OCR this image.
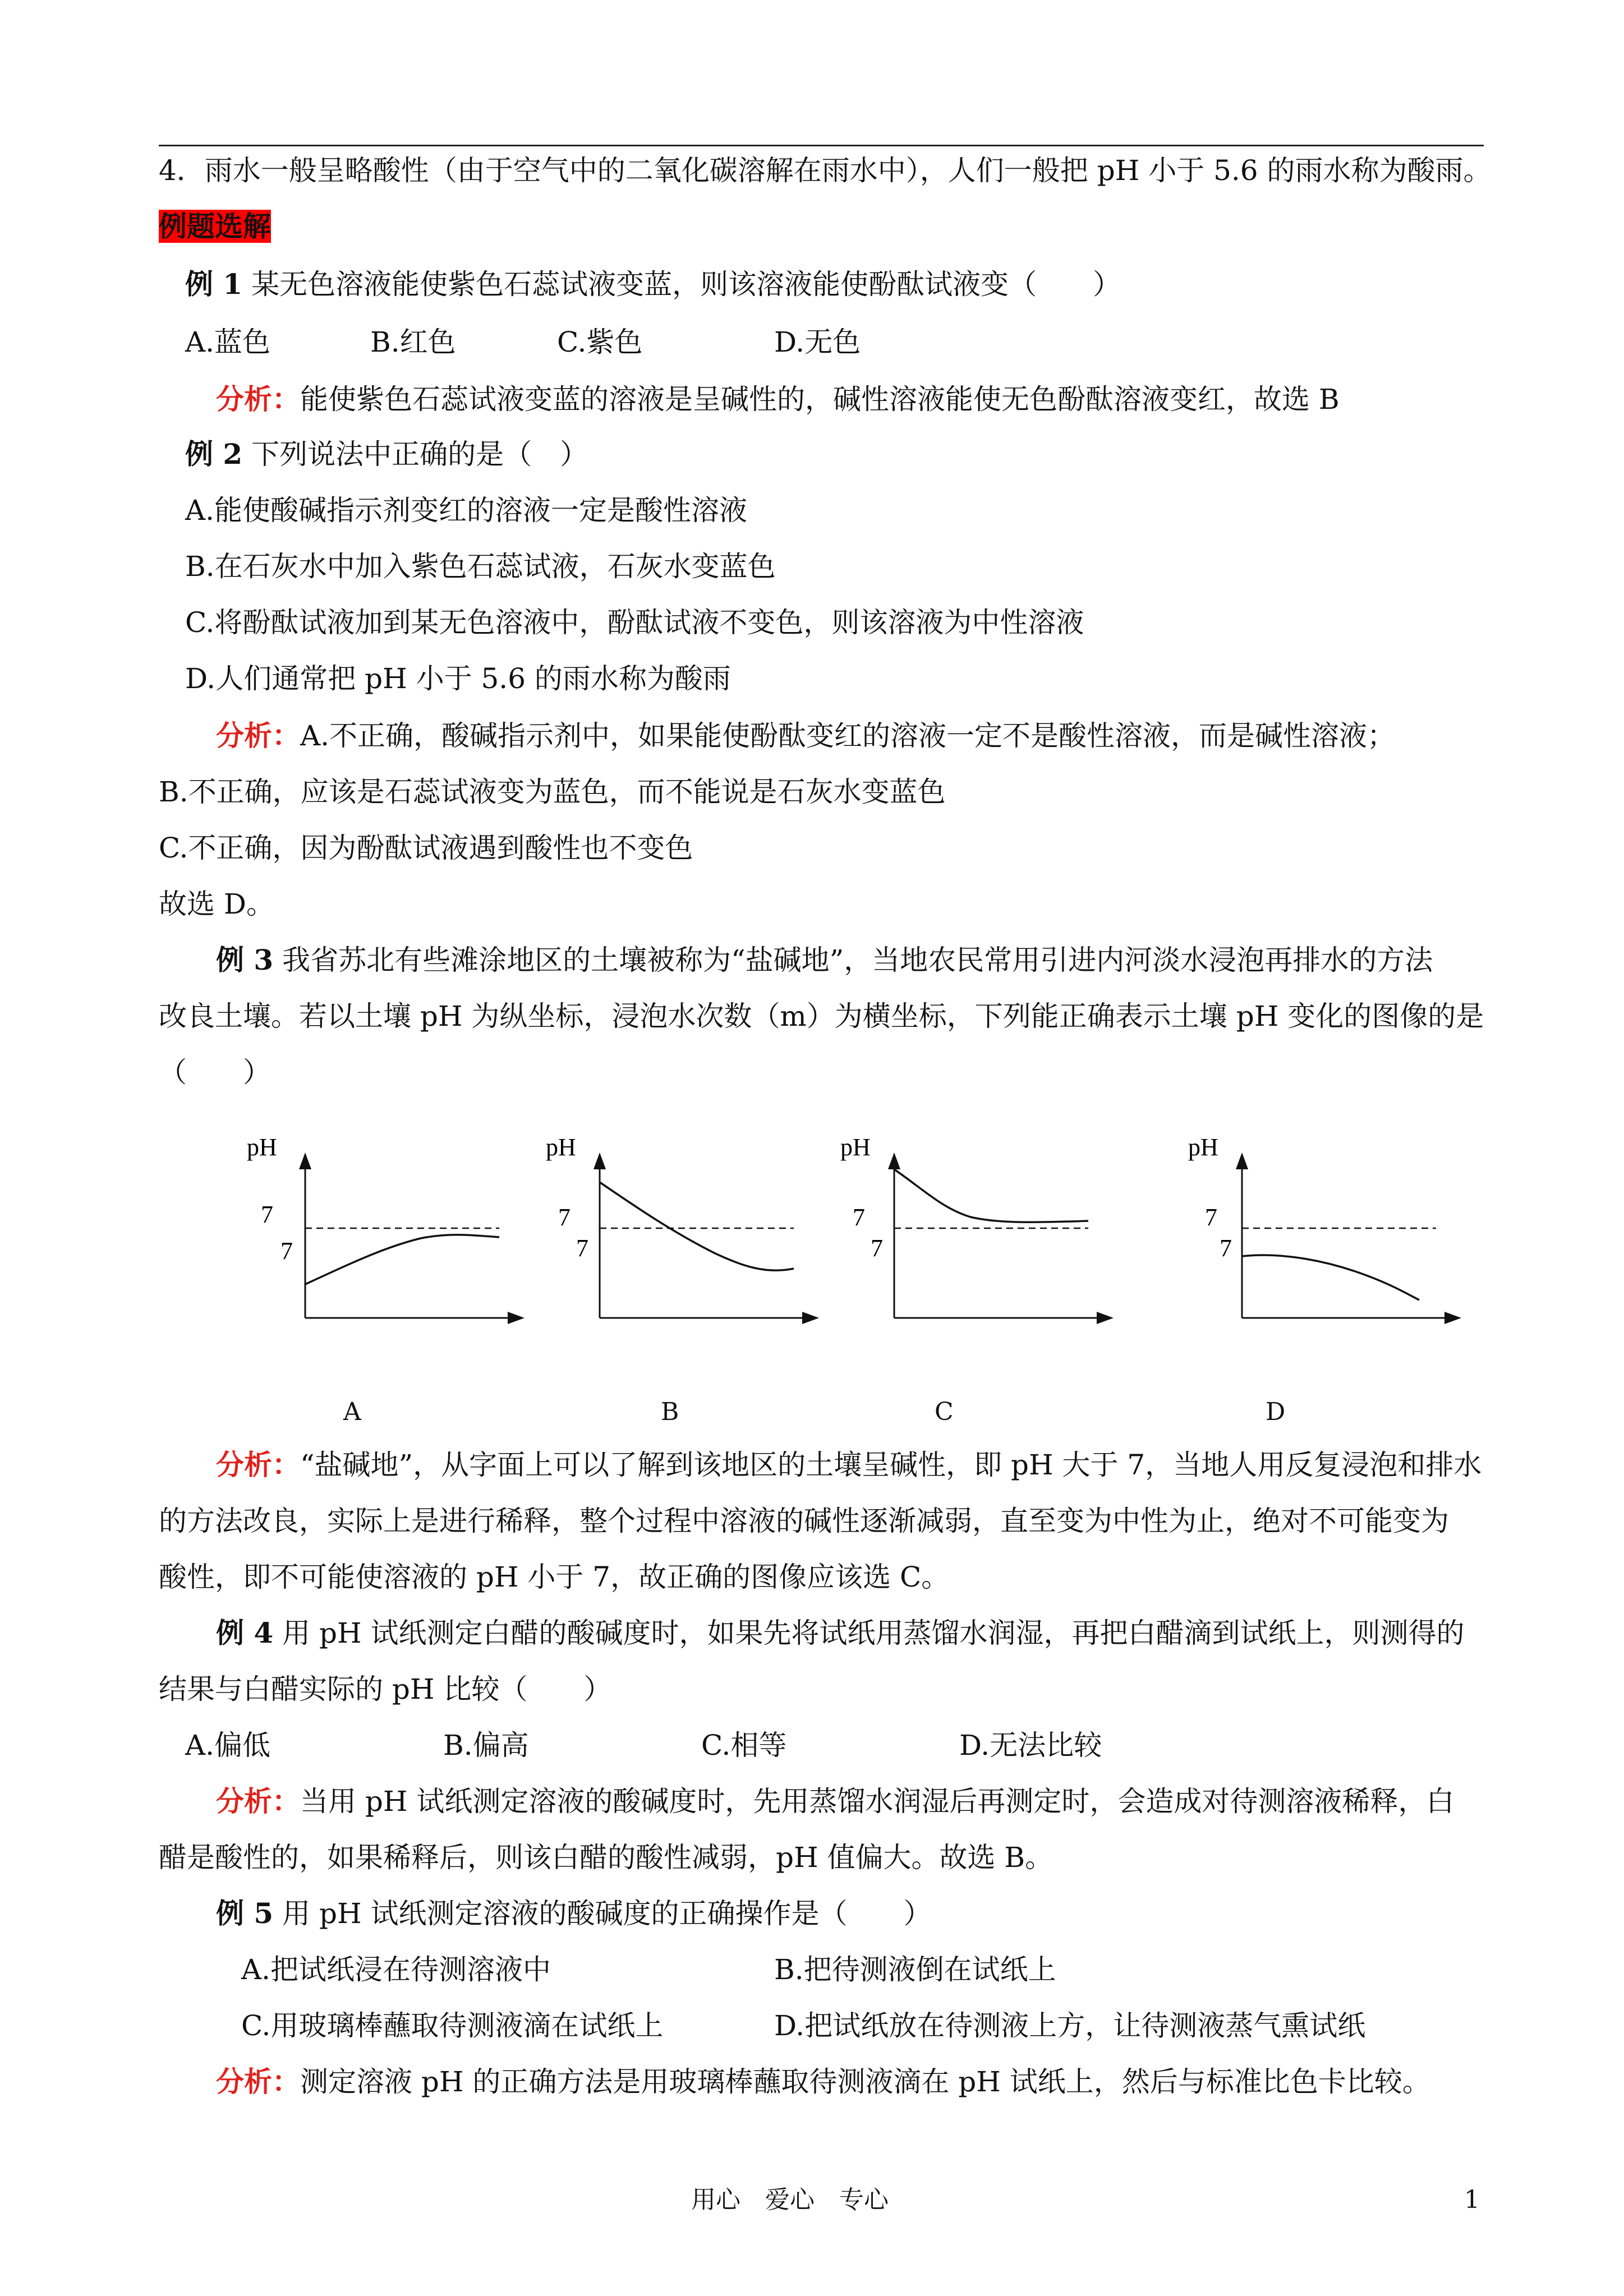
4．雨水一般呈略酸性（由于空气中的二氧化碳溶解在雨水中），人们一般把 pH 小于 5.6 的雨水称为酸雨。
例题选解
例 1 某无色溶液能使紫色石蕊试液变蓝，则该溶液能使酚酞试液变（　　）
A.蓝色	B.红色	C.紫色	D.无色
分析：能使紫色石蕊试液变蓝的溶液是呈碱性的，碱性溶液能使无色酚酞溶液变红，故选 B
例 2 下列说法中正确的是（　）
A.能使酸碱指示剂变红的溶液一定是酸性溶液
B.在石灰水中加入紫色石蕊试液，石灰水变蓝色
C.将酚酞试液加到某无色溶液中，酚酞试液不变色，则该溶液为中性溶液
D.人们通常把 pH 小于 5.6 的雨水称为酸雨
分析：A.不正确，酸碱指示剂中，如果能使酚酞变红的溶液一定不是酸性溶液，而是碱性溶液；
B.不正确，应该是石蕊试液变为蓝色，而不能说是石灰水变蓝色
C.不正确，因为酚酞试液遇到酸性也不变色
故选 D。
例 3 我省苏北有些滩涂地区的土壤被称为“盐碱地”，当地农民常用引进内河淡水浸泡再排水的方法
改良土壤。若以土壤 pH 为纵坐标，浸泡水次数（m）为横坐标，下列能正确表示土壤 pH 变化的图像的是
（　　）
pH
7
7
pH
7
7
pH
7
7
pH
7
7
A	B	C	D
分析：“盐碱地”，从字面上可以了解到该地区的土壤呈碱性，即 pH 大于 7，当地人用反复浸泡和排水
的方法改良，实际上是进行稀释，整个过程中溶液的碱性逐渐减弱，直至变为中性为止，绝对不可能变为
酸性，即不可能使溶液的 pH 小于 7，故正确的图像应该选 C。
例 4 用 pH 试纸测定白醋的酸碱度时，如果先将试纸用蒸馏水润湿，再把白醋滴到试纸上，则测得的
结果与白醋实际的 pH 比较（　　）
A.偏低	B.偏高	C.相等	D.无法比较
分析：当用 pH 试纸测定溶液的酸碱度时，先用蒸馏水润湿后再测定时，会造成对待测溶液稀释，白
醋是酸性的，如果稀释后，则该白醋的酸性减弱，pH 值偏大。故选 B。
例 5 用 pH 试纸测定溶液的酸碱度的正确操作是（　　）
A.把试纸浸在待测溶液中	B.把待测液倒在试纸上
C.用玻璃棒蘸取待测液滴在试纸上	D.把试纸放在待测液上方，让待测液蒸气熏试纸
分析：测定溶液 pH 的正确方法是用玻璃棒蘸取待测液滴在 pH 试纸上，然后与标准比色卡比较。
用心　爱心　专心	1
